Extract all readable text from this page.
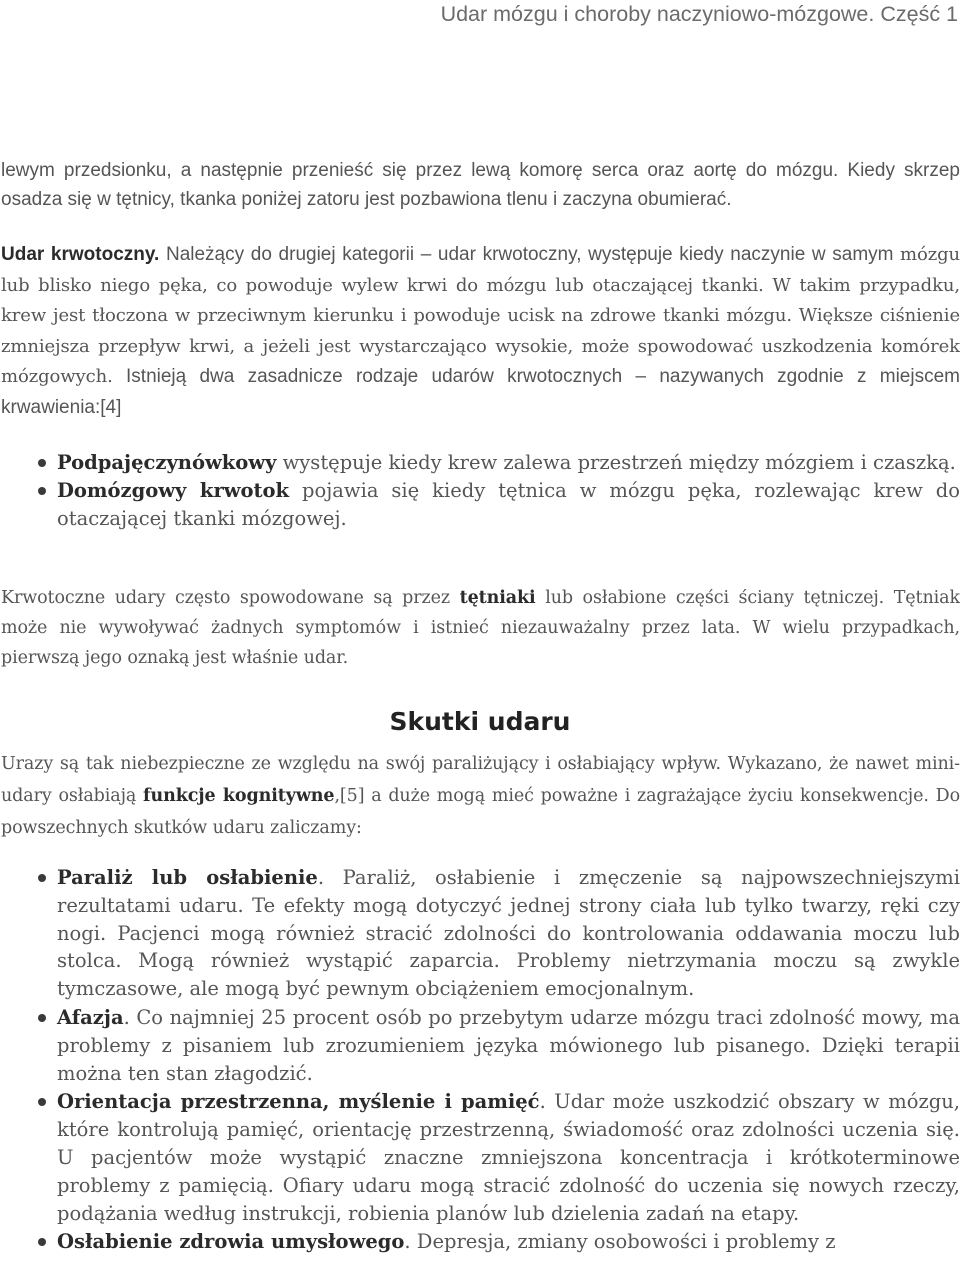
Udar mózgu i choroby naczyniowo-mózgowe. Część 1

lewym przedsionku, a następnie przenieść się przez lewą komorę serca oraz aortę do mózgu. Kiedy skrzep osadza się w tętnicy, tkanka poniżej zatoru jest pozbawiona tlenu i zaczyna obumierać.

Udar krwotoczny. Należący do drugiej kategorii – udar krwotoczny, występuje kiedy naczynie w samym mózgu lub blisko niego pęka, co powoduje wylew krwi do mózgu lub otaczającej tkanki. W takim przypadku, krew jest tłoczona w przeciwnym kierunku i powoduje ucisk na zdrowe tkanki mózgu. Większe ciśnienie zmniejsza przepływ krwi, a jeżeli jest wystarczająco wysokie, może spowodować uszkodzenia komórek mózgowych. Istnieją dwa zasadnicze rodzaje udarów krwotocznych – nazywanych zgodnie z miejscem krwawienia:[4]

Podpajęczynówkowy występuje kiedy krew zalewa przestrzeń między mózgiem i czaszką.
Domózgowy krwotok pojawia się kiedy tętnica w mózgu pęka, rozlewając krew do otaczającej tkanki mózgowej.

Krwotoczne udary często spowodowane są przez tętniaki lub osłabione części ściany tętniczej. Tętniak może nie wywoływać żadnych symptomów i istnieć niezauważalny przez lata. W wielu przypadkach, pierwszą jego oznaką jest właśnie udar.

Skutki udaru

Urazy są tak niebezpieczne ze względu na swój paraliżujący i osłabiający wpływ. Wykazano, że nawet mini-udary osłabiają funkcje kognitywne,[5] a duże mogą mieć poważne i zagrażające życiu konsekwencje. Do powszechnych skutków udaru zaliczamy:

Paraliż lub osłabienie. Paraliż, osłabienie i zmęczenie są najpowszechniejszymi rezultatami udaru. Te efekty mogą dotyczyć jednej strony ciała lub tylko twarzy, ręki czy nogi. Pacjenci mogą również stracić zdolności do kontrolowania oddawania moczu lub stolca. Mogą również wystąpić zaparcia. Problemy nietrzymania moczu są zwykle tymczasowe, ale mogą być pewnym obciążeniem emocjonalnym.
Afazja. Co najmniej 25 procent osób po przebytym udarze mózgu traci zdolność mowy, ma problemy z pisaniem lub zrozumieniem języka mówionego lub pisanego. Dzięki terapii można ten stan złagodzić.
Orientacja przestrzenna, myślenie i pamięć. Udar może uszkodzić obszary w mózgu, które kontrolują pamięć, orientację przestrzenną, świadomość oraz zdolności uczenia się. U pacjentów może wystąpić znaczne zmniejszona koncentracja i krótkoterminowe problemy z pamięcią. Ofiary udaru mogą stracić zdolność do uczenia się nowych rzeczy, podążania według instrukcji, robienia planów lub dzielenia zadań na etapy.
Osłabienie zdrowia umysłowego. Depresja, zmiany osobowości i problemy z
